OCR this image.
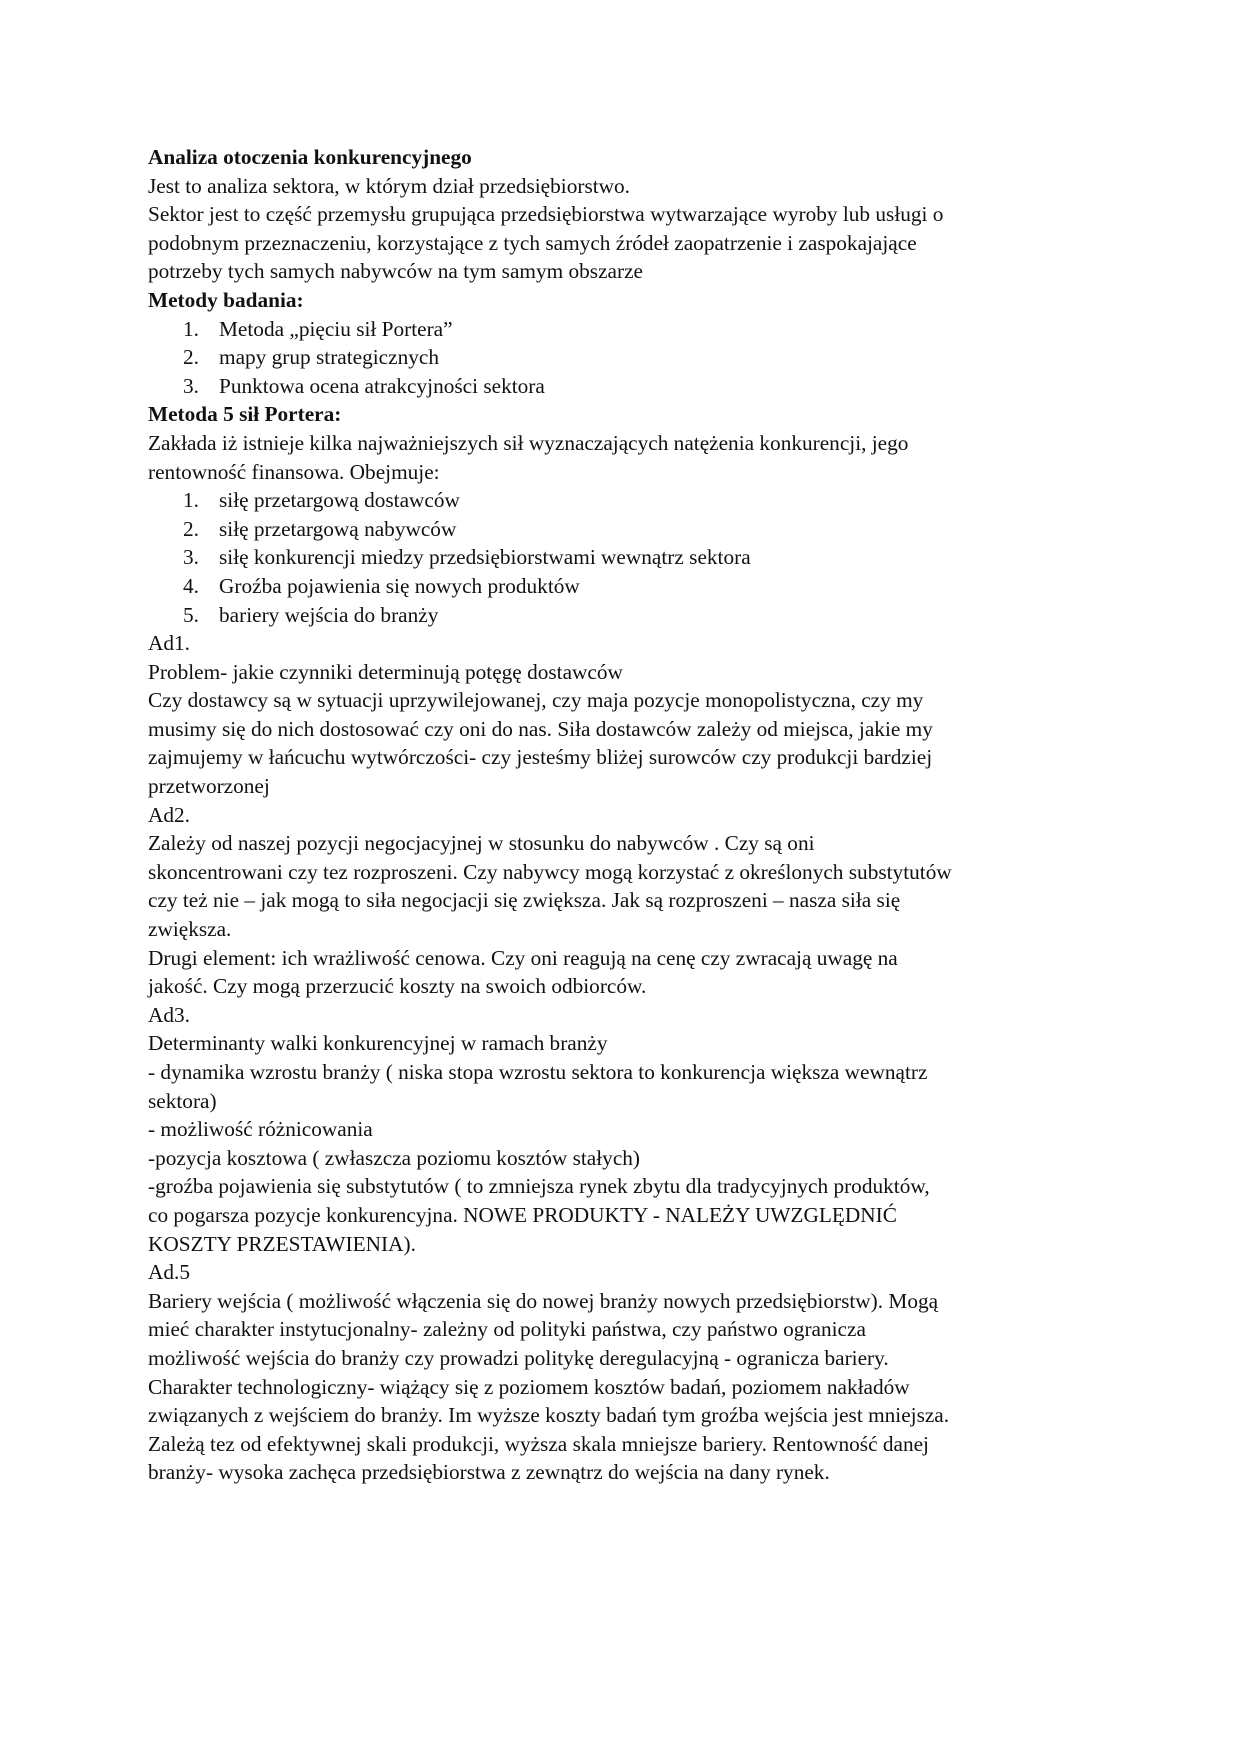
Analiza otoczenia konkurencyjnego
Jest to analiza sektora, w którym dział przedsiębiorstwo.
Sektor jest to część przemysłu grupująca przedsiębiorstwa wytwarzające wyroby lub usługi o
podobnym przeznaczeniu, korzystające z tych samych źródeł zaopatrzenie i zaspokajające
potrzeby tych samych nabywców na tym samym obszarze
Metody badania:
1. Metoda „pięciu sił Portera”
2. mapy grup strategicznych
3. Punktowa ocena atrakcyjności sektora
Metoda 5 sił Portera:
Zakłada iż istnieje kilka najważniejszych sił wyznaczających natężenia konkurencji, jego
rentowność finansowa. Obejmuje:
1. siłę przetargową dostawców
2. siłę przetargową nabywców
3. siłę konkurencji miedzy przedsiębiorstwami wewnątrz sektora
4. Groźba pojawienia się nowych produktów
5. bariery wejścia do branży
Ad1.
Problem- jakie czynniki determinują potęgę dostawców
Czy dostawcy są w sytuacji uprzywilejowanej, czy maja pozycje monopolistyczna, czy my
musimy się do nich dostosować czy oni do nas. Siła dostawców zależy od miejsca, jakie my
zajmujemy w łańcuchu wytwórczości- czy jesteśmy bliżej surowców czy produkcji bardziej
przetworzonej
Ad2.
Zależy od naszej pozycji negocjacyjnej w stosunku do nabywców . Czy są oni
skoncentrowani czy tez rozproszeni. Czy nabywcy mogą korzystać z określonych substytutów
czy też nie – jak mogą to siła negocjacji się zwiększa. Jak są rozproszeni – nasza siła się
zwiększa.
Drugi element: ich wrażliwość cenowa. Czy oni reagują na cenę czy zwracają uwagę na
jakość. Czy mogą przerzucić koszty na swoich odbiorców.
Ad3.
Determinanty walki konkurencyjnej w ramach branży
- dynamika wzrostu branży ( niska stopa wzrostu sektora to konkurencja większa wewnątrz
sektora)
- możliwość różnicowania
-pozycja kosztowa ( zwłaszcza poziomu kosztów stałych)
-groźba pojawienia się substytutów ( to zmniejsza rynek zbytu dla tradycyjnych produktów,
co pogarsza pozycje konkurencyjna. NOWE PRODUKTY - NALEŻY UWZGLĘDNIĆ
KOSZTY PRZESTAWIENIA).
Ad.5
Bariery wejścia ( możliwość włączenia się do nowej branży nowych przedsiębiorstw). Mogą
mieć charakter instytucjonalny- zależny od polityki państwa, czy państwo ogranicza
możliwość wejścia do branży czy prowadzi politykę deregulacyjną - ogranicza bariery.
Charakter technologiczny- wiążący się z poziomem kosztów badań, poziomem nakładów
związanych z wejściem do branży. Im wyższe koszty badań tym groźba wejścia jest mniejsza.
Zależą tez od efektywnej skali produkcji, wyższa skala mniejsze bariery. Rentowność danej
branży- wysoka zachęca przedsiębiorstwa z zewnątrz do wejścia na dany rynek.
